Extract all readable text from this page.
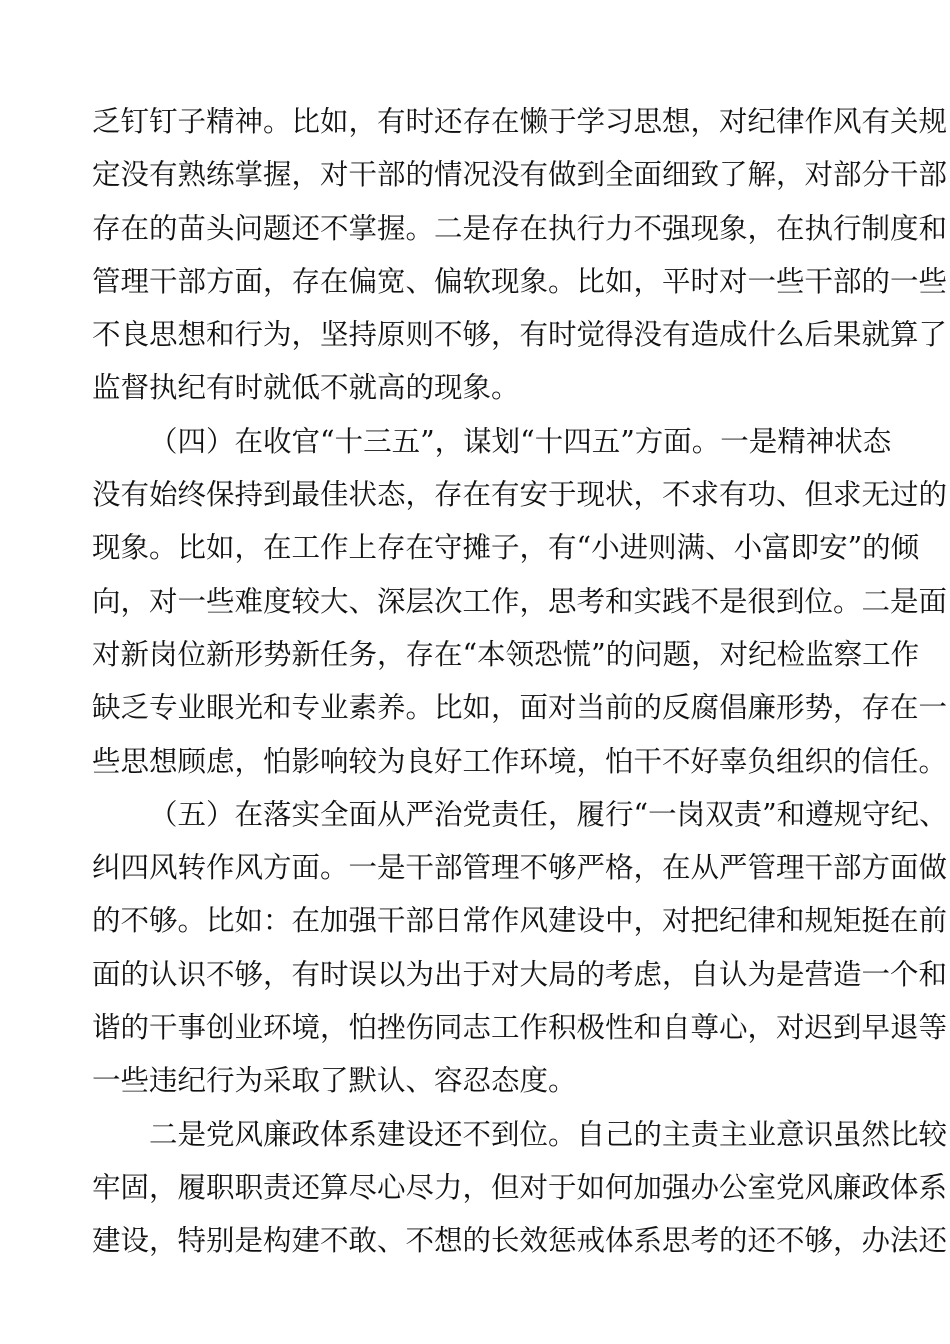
乏钉钉子精神。比如，有时还存在懒于学习思想，对纪律作风有关规
定没有熟练掌握，对干部的情况没有做到全面细致了解，对部分干部
存在的苗头问题还不掌握。二是存在执行力不强现象，在执行制度和
管理干部方面，存在偏宽、偏软现象。比如，平时对一些干部的一些
不良思想和行为，坚持原则不够，有时觉得没有造成什么后果就算了
监督执纪有时就低不就高的现象。
（四）在收官“十三五”，谋划“十四五”方面。一是精神状态
没有始终保持到最佳状态，存在有安于现状，不求有功、但求无过的
现象。比如，在工作上存在守摊子，有“小进则满、小富即安”的倾
向，对一些难度较大、深层次工作，思考和实践不是很到位。二是面
对新岗位新形势新任务，存在“本领恐慌”的问题，对纪检监察工作
缺乏专业眼光和专业素养。比如，面对当前的反腐倡廉形势，存在一
些思想顾虑，怕影响较为良好工作环境，怕干不好辜负组织的信任。
（五）在落实全面从严治党责任，履行“一岗双责”和遵规守纪、
纠四风转作风方面。一是干部管理不够严格，在从严管理干部方面做
的不够。比如：在加强干部日常作风建设中，对把纪律和规矩挺在前
面的认识不够，有时误以为出于对大局的考虑，自认为是营造一个和
谐的干事创业环境，怕挫伤同志工作积极性和自尊心，对迟到早退等
一些违纪行为采取了默认、容忍态度。
二是党风廉政体系建设还不到位。自己的主责主业意识虽然比较
牢固，履职职责还算尽心尽力，但对于如何加强办公室党风廉政体系
建设，特别是构建不敢、不想的长效惩戒体系思考的还不够，办法还
